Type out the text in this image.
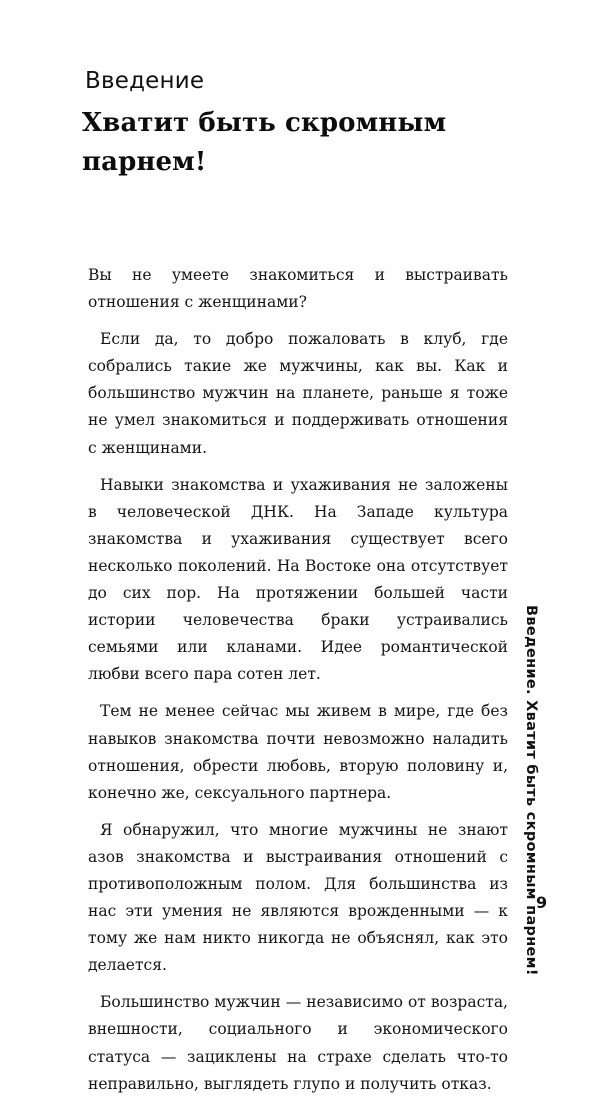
Введение
Хватит быть скромным парнем!

Вы не умеете знакомиться и выстраивать отношения с женщинами?

Если да, то добро пожаловать в клуб, где собрались такие же мужчины, как вы. Как и большинство мужчин на планете, раньше я тоже не умел знакомиться и поддерживать отношения с женщинами.

Навыки знакомства и ухаживания не заложены в человеческой ДНК. На Западе культура знакомства и ухаживания существует всего несколько поколений. На Востоке она отсутствует до сих пор. На протяжении большей части истории человечества браки устраивались семьями или кланами. Идее романтической любви всего пара сотен лет.

Тем не менее сейчас мы живем в мире, где без навыков знакомства почти невозможно наладить отношения, обрести любовь, вторую половину и, конечно же, сексуального партнера.

Я обнаружил, что многие мужчины не знают азов знакомства и выстраивания отношений с противоположным полом. Для большинства из нас эти умения не являются врожденными — к тому же нам никто никогда не объяснял, как это делается.

Большинство мужчин — независимо от возраста, внешности, социального и экономического статуса — зациклены на страхе сделать что-то неправильно, выглядеть глупо и получить отказ.

Введение. Хватит быть скромным парнем!
9
